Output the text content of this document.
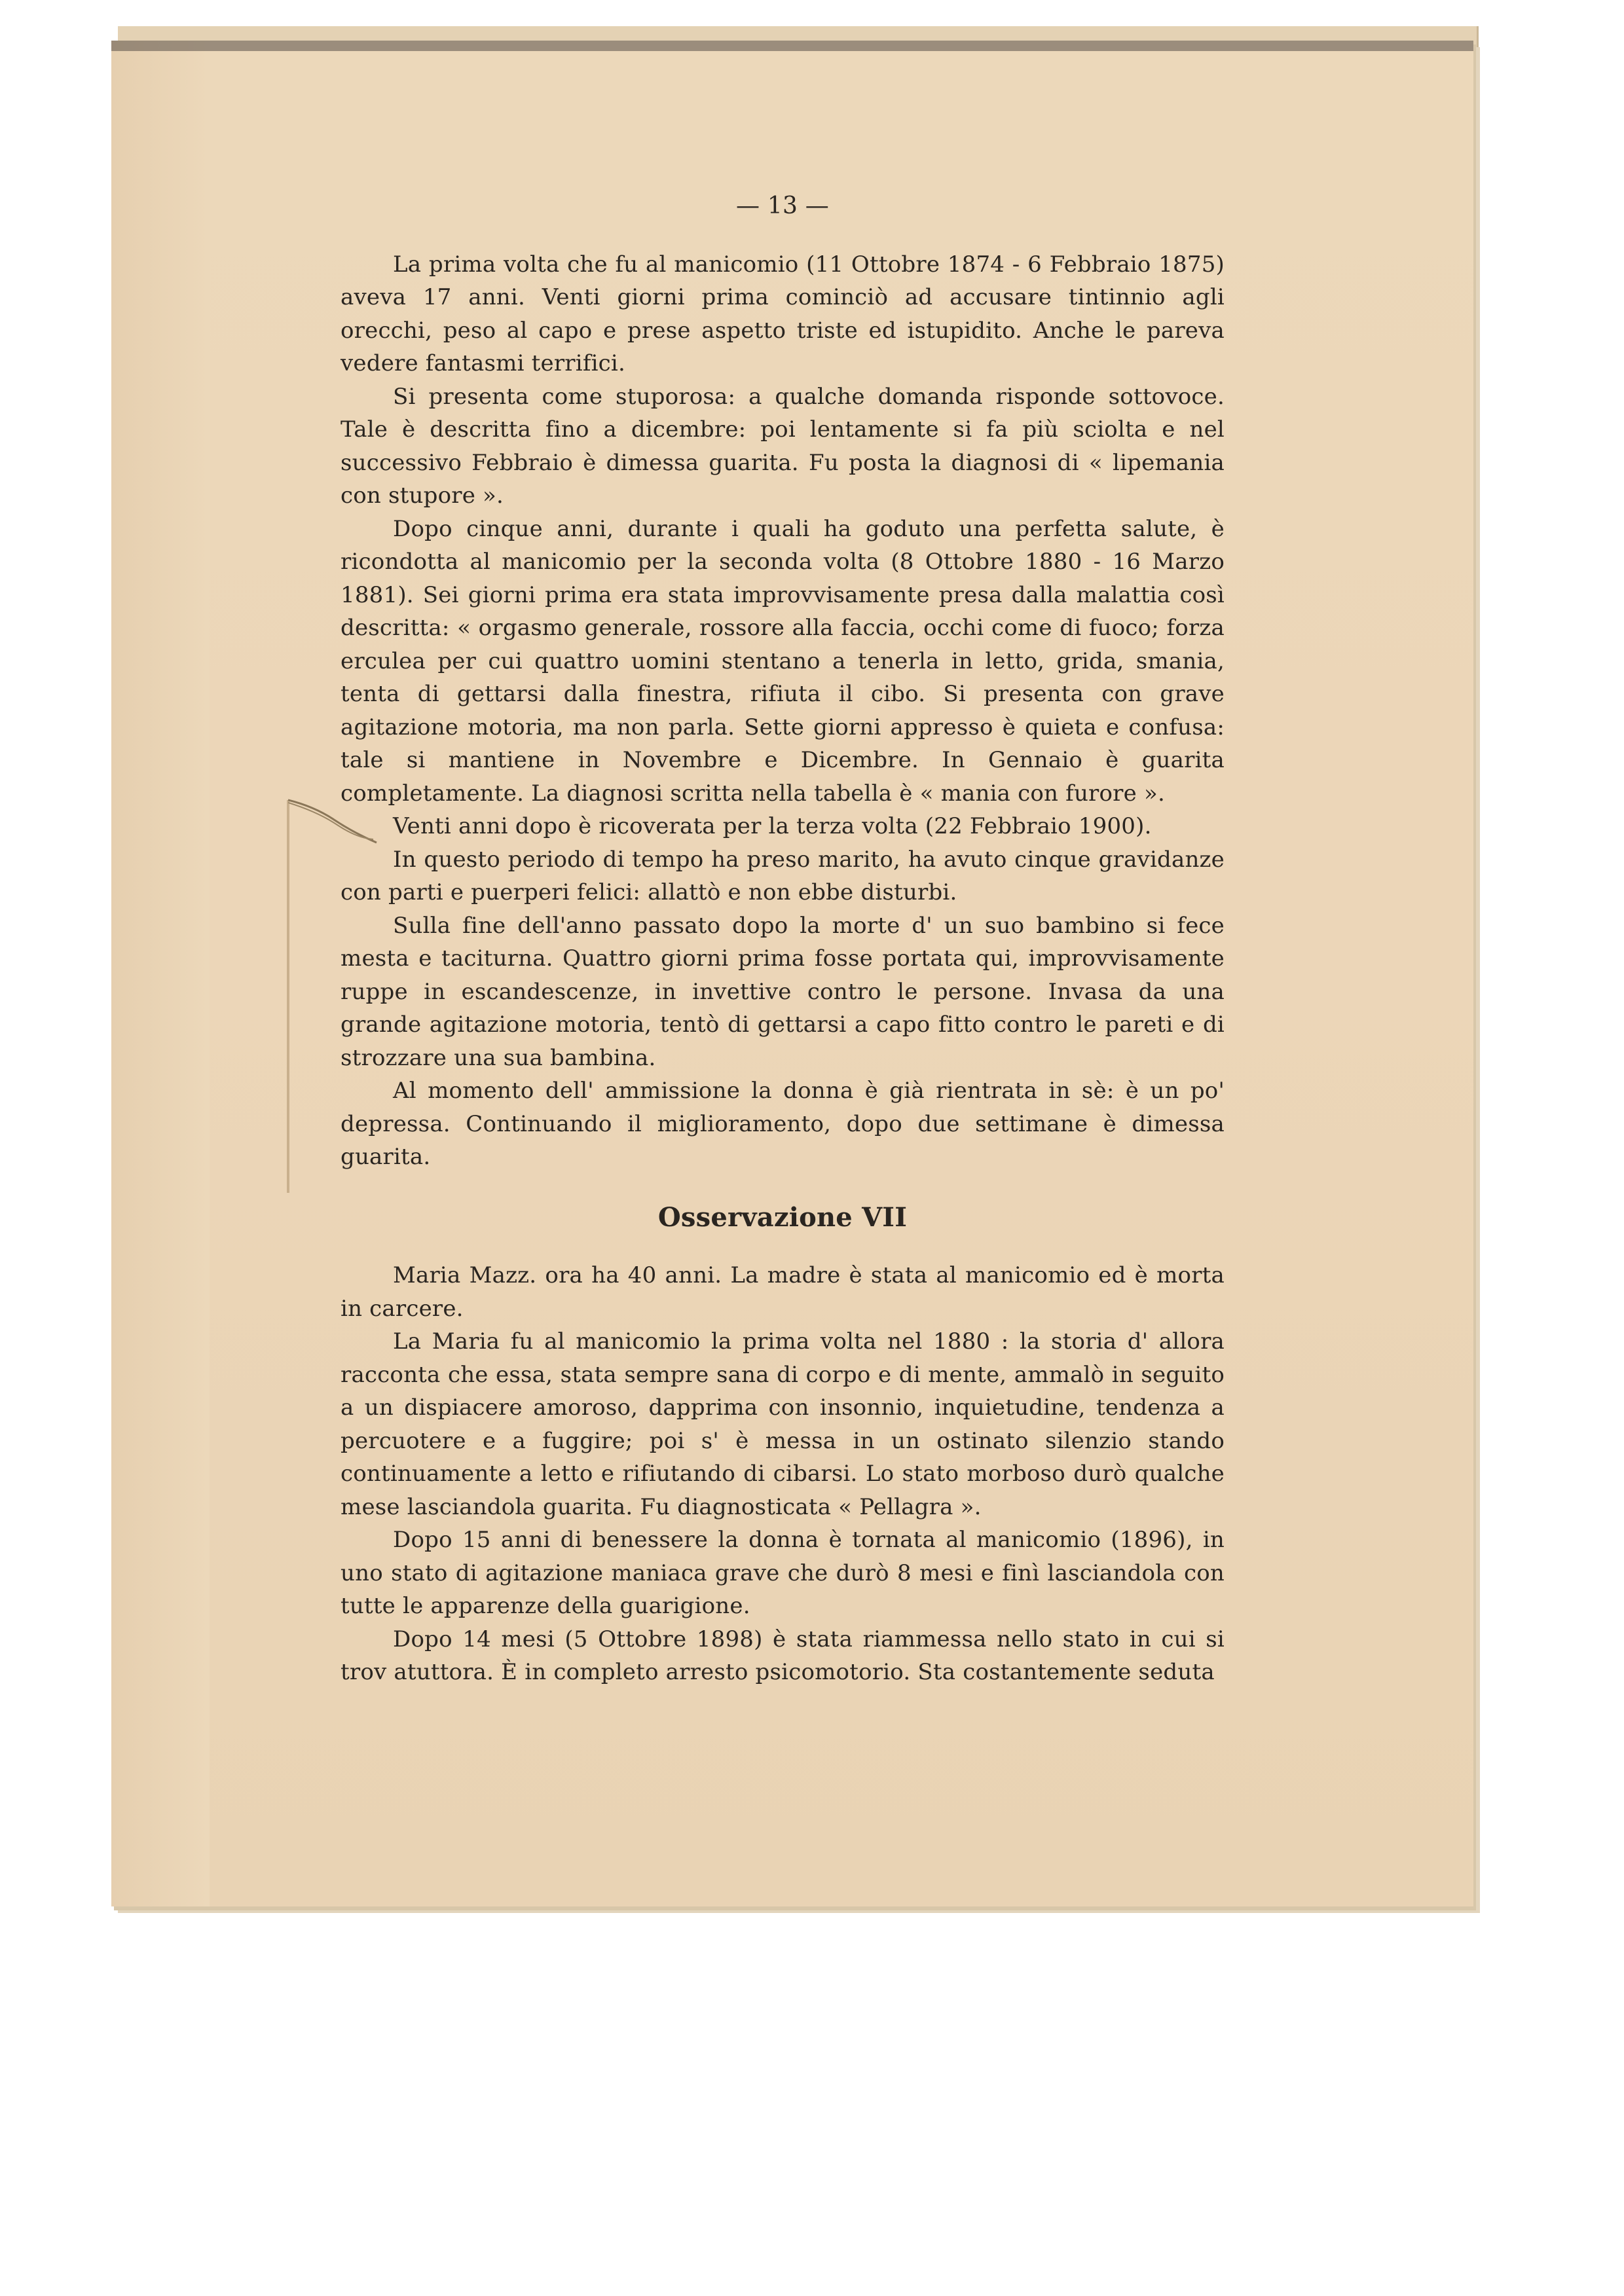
— 13 —

La prima volta che fu al manicomio (11 Ottobre 1874 - 6 Febbraio 1875) aveva 17 anni. Venti giorni prima cominciò ad accusare tintinnio agli orecchi, peso al capo e prese aspetto triste ed istupidito. Anche le pareva vedere fantasmi terrifici.

Si presenta come stuporosa: a qualche domanda risponde sottovoce. Tale è descritta fino a dicembre: poi lentamente si fa più sciolta e nel successivo Febbraio è dimessa guarita. Fu posta la diagnosi di « lipemania con stupore ».

Dopo cinque anni, durante i quali ha goduto una perfetta salute, è ricondotta al manicomio per la seconda volta (8 Ottobre 1880 - 16 Marzo 1881). Sei giorni prima era stata improvvisamente presa dalla malattia così descritta: « orgasmo generale, rossore alla faccia, occhi come di fuoco; forza erculea per cui quattro uomini stentano a tenerla in letto, grida, smania, tenta di gettarsi dalla finestra, rifiuta il cibo. Si presenta con grave agitazione motoria, ma non parla. Sette giorni appresso è quieta e confusa: tale si mantiene in Novembre e Dicembre. In Gennaio è guarita completamente. La diagnosi scritta nella tabella è « mania con furore ».

Venti anni dopo è ricoverata per la terza volta (22 Febbraio 1900).

In questo periodo di tempo ha preso marito, ha avuto cinque gravidanze con parti e puerperi felici: allattò e non ebbe disturbi.

Sulla fine dell'anno passato dopo la morte d' un suo bambino si fece mesta e taciturna. Quattro giorni prima fosse portata qui, improvvisamente ruppe in escandescenze, in invettive contro le persone. Invasa da una grande agitazione motoria, tentò di gettarsi a capo fitto contro le pareti e di strozzare una sua bambina.

Al momento dell' ammissione la donna è già rientrata in sè: è un po' depressa. Continuando il miglioramento, dopo due settimane è dimessa guarita.

Osservazione VII

Maria Mazz. ora ha 40 anni. La madre è stata al manicomio ed è morta in carcere.

La Maria fu al manicomio la prima volta nel 1880 : la storia d' allora racconta che essa, stata sempre sana di corpo e di mente, ammalò in seguito a un dispiacere amoroso, dapprima con insonnio, inquietudine, tendenza a percuotere e a fuggire; poi s' è messa in un ostinato silenzio stando continuamente a letto e rifiutando di cibarsi. Lo stato morboso durò qualche mese lasciandola guarita. Fu diagnosticata « Pellagra ».

Dopo 15 anni di benessere la donna è tornata al manicomio (1896), in uno stato di agitazione maniaca grave che durò 8 mesi e finì lasciandola con tutte le apparenze della guarigione.

Dopo 14 mesi (5 Ottobre 1898) è stata riammessa nello stato in cui si trov atuttora. È in completo arresto psicomotorio. Sta costantemente seduta
